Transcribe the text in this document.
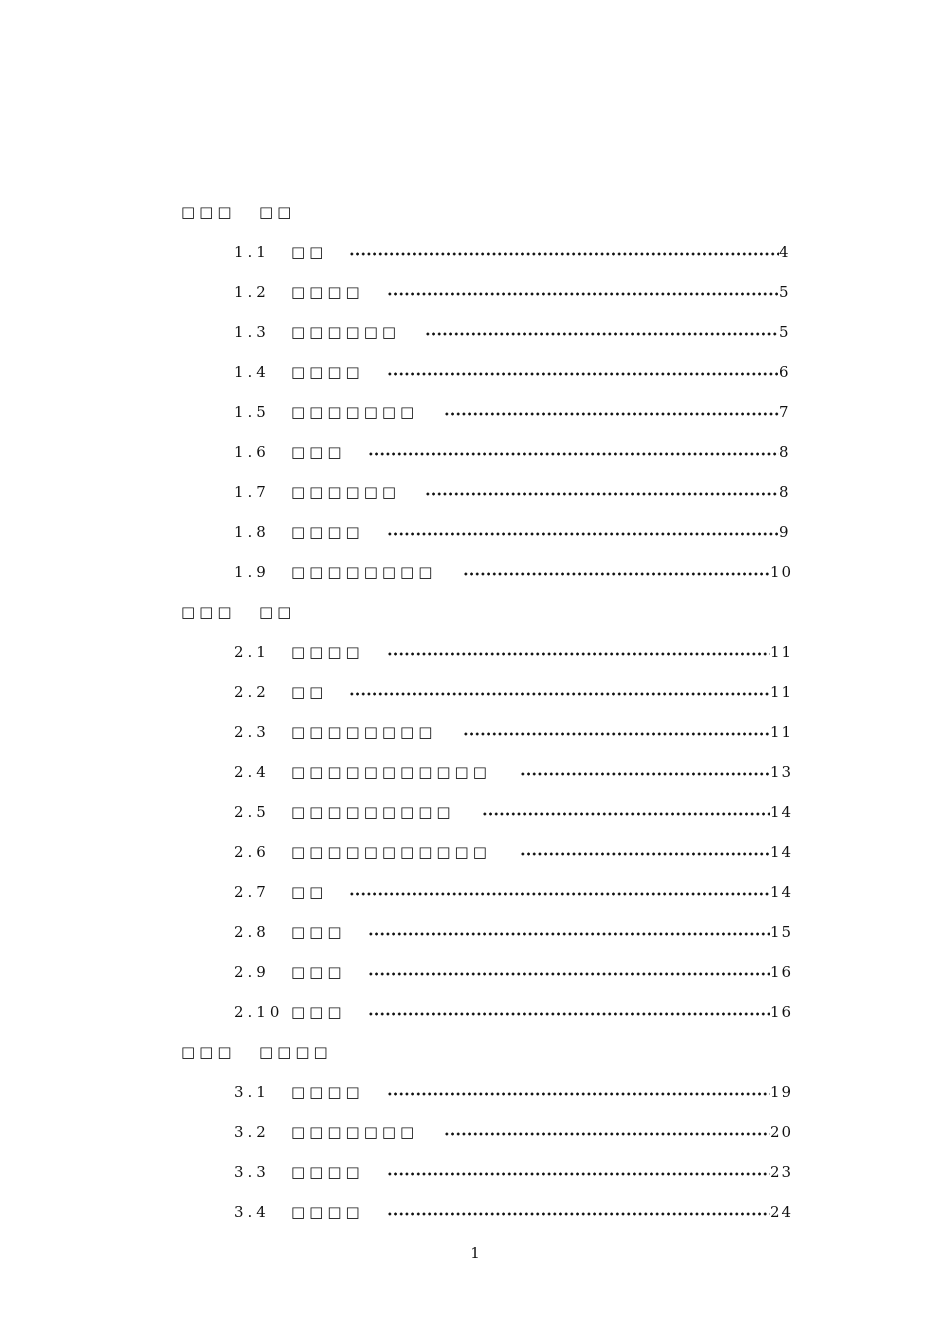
□□□ □□
1.1 □□	4
1.2 □□□□	5
1.3 □□□□□□	5
1.4 □□□□	6
1.5 □□□□□□□	7
1.6 □□□	8
1.7 □□□□□□	8
1.8 □□□□	9
1.9 □□□□□□□□	10
□□□ □□
2.1 □□□□	11
2.2 □□	11
2.3 □□□□□□□□	11
2.4 □□□□□□□□□□□	13
2.5 □□□□□□□□□	14
2.6 □□□□□□□□□□□	14
2.7 □□	14
2.8 □□□	15
2.9 □□□	16
2.10 □□□	16
□□□ □□□□
3.1 □□□□	19
3.2 □□□□□□□	20
3.3 □□□□	23
3.4 □□□□	24
1
